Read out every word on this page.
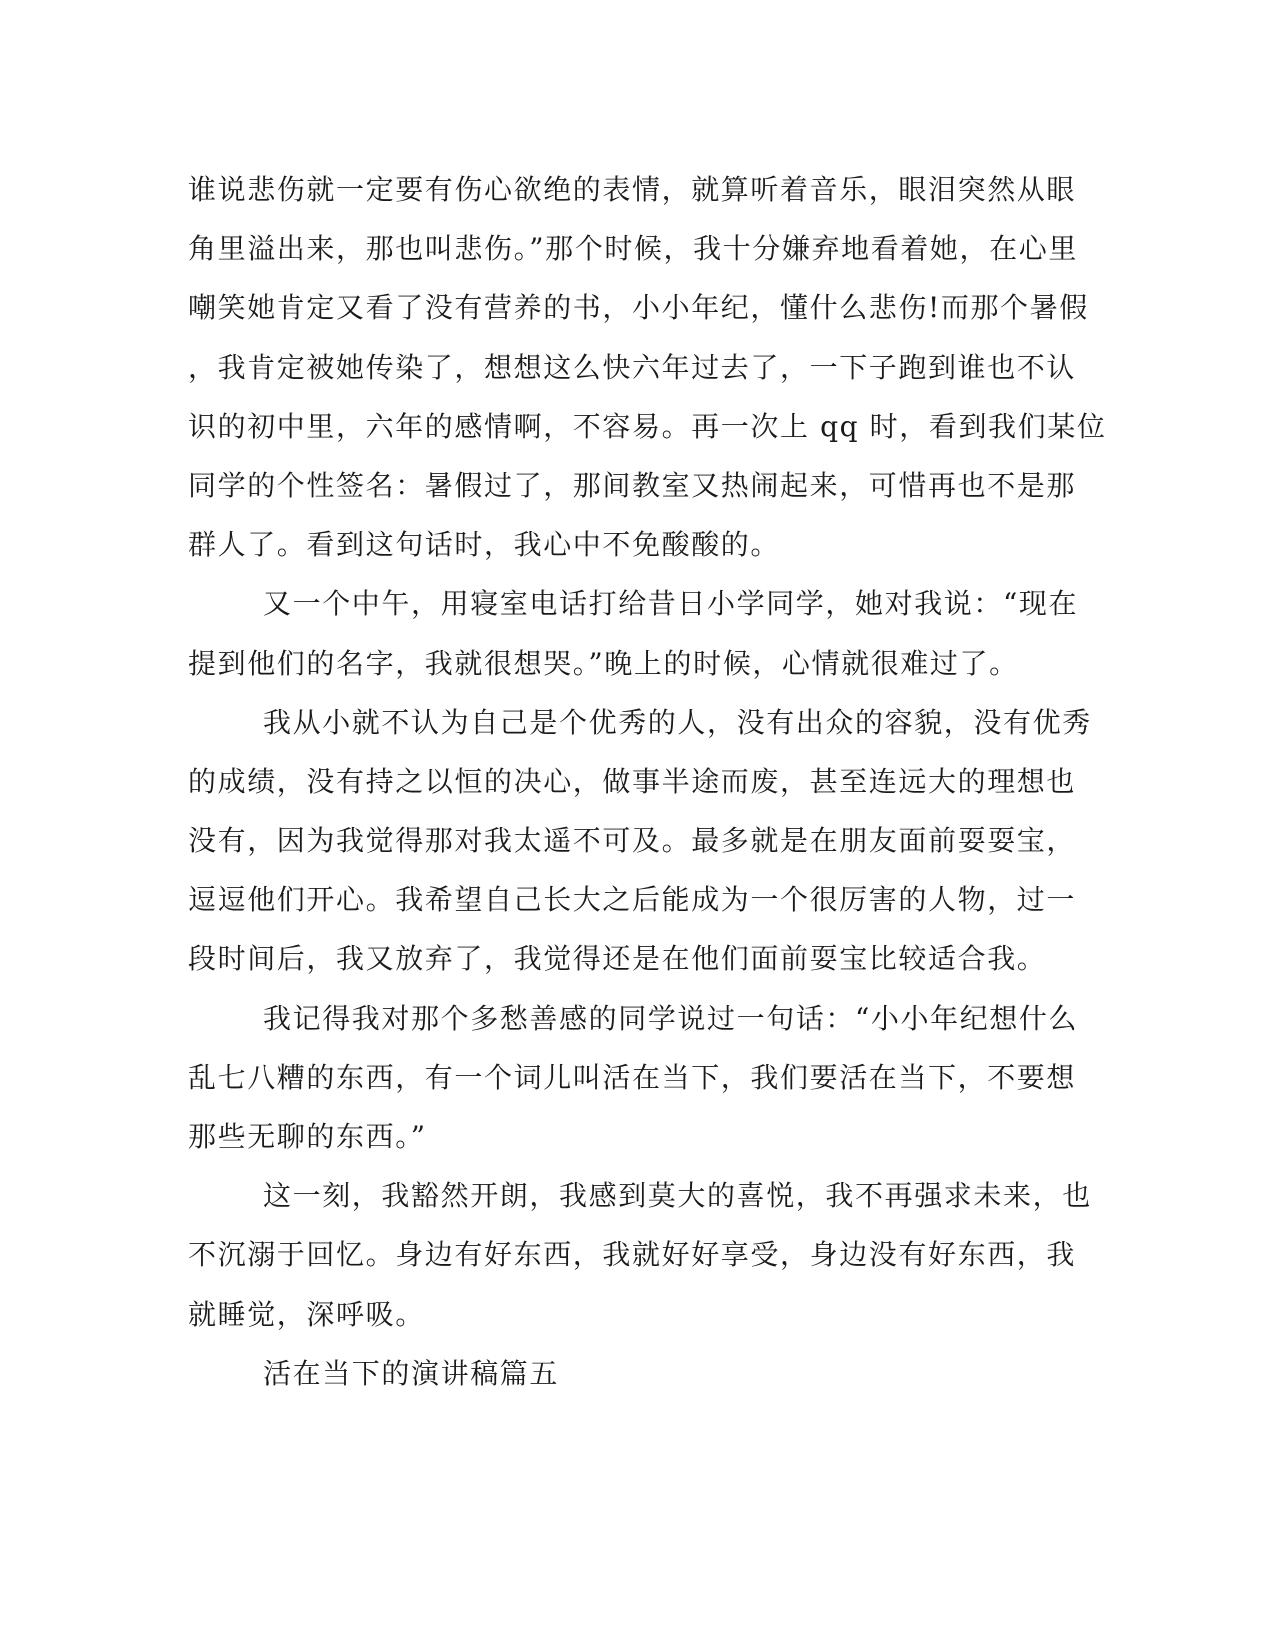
谁说悲伤就一定要有伤心欲绝的表情，就算听着音乐，眼泪突然从眼
角里溢出来，那也叫悲伤。”那个时候，我十分嫌弃地看着她，在心里
嘲笑她肯定又看了没有营养的书，小小年纪，懂什么悲伤!而那个暑假
，我肯定被她传染了，想想这么快六年过去了，一下子跑到谁也不认
识的初中里，六年的感情啊，不容易。再一次上 qq 时，看到我们某位
同学的个性签名：暑假过了，那间教室又热闹起来，可惜再也不是那
群人了。看到这句话时，我心中不免酸酸的。
又一个中午，用寝室电话打给昔日小学同学，她对我说：“现在
提到他们的名字，我就很想哭。”晚上的时候，心情就很难过了。
我从小就不认为自己是个优秀的人，没有出众的容貌，没有优秀
的成绩，没有持之以恒的决心，做事半途而废，甚至连远大的理想也
没有，因为我觉得那对我太遥不可及。最多就是在朋友面前耍耍宝，
逗逗他们开心。我希望自己长大之后能成为一个很厉害的人物，过一
段时间后，我又放弃了，我觉得还是在他们面前耍宝比较适合我。
我记得我对那个多愁善感的同学说过一句话：“小小年纪想什么
乱七八糟的东西，有一个词儿叫活在当下，我们要活在当下，不要想
那些无聊的东西。”
这一刻，我豁然开朗，我感到莫大的喜悦，我不再强求未来，也
不沉溺于回忆。身边有好东西，我就好好享受，身边没有好东西，我
就睡觉，深呼吸。
活在当下的演讲稿篇五
